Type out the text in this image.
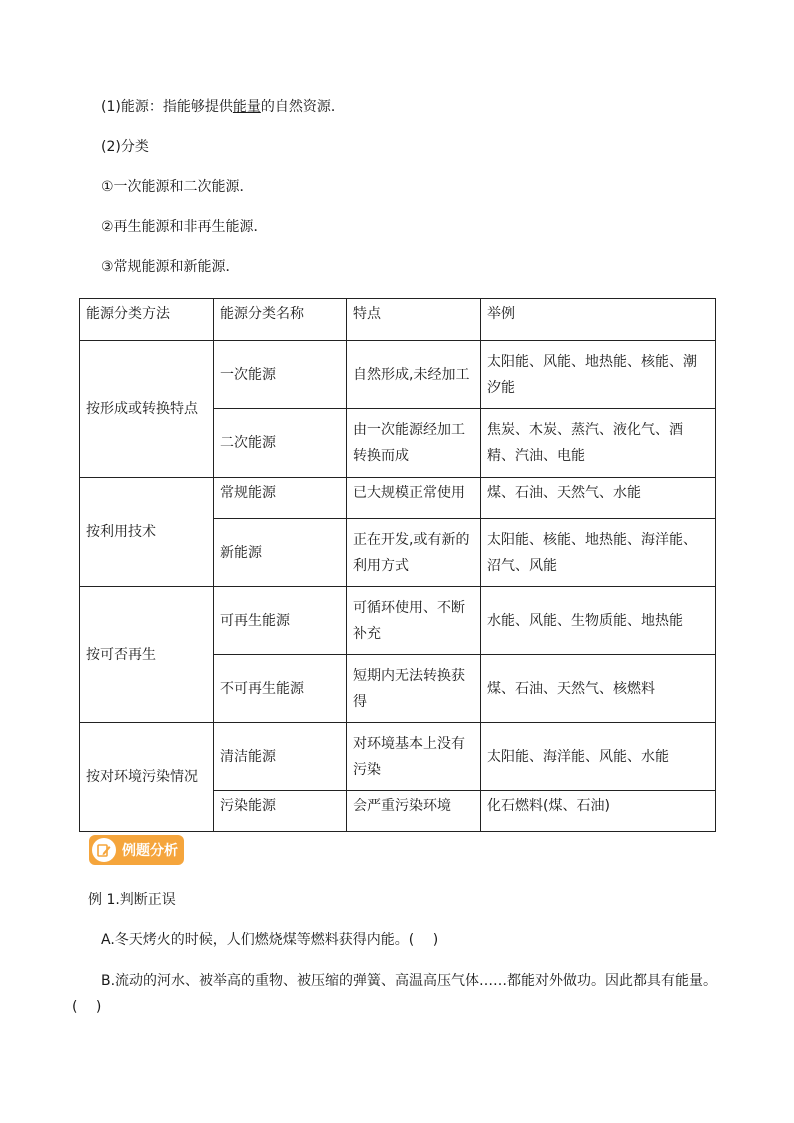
(1)能源：指能够提供能量的自然资源．
(2)分类
①一次能源和二次能源．
②再生能源和非再生能源．
③常规能源和新能源．
能源分类方法	能源分类名称	特点	举例
按形成或转换特点	一次能源	自然形成,未经加工	太阳能、风能、地热能、核能、潮汐能
	二次能源	由一次能源经加工转换而成	焦炭、木炭、蒸汽、液化气、酒精、汽油、电能
按利用技术	常规能源	已大规模正常使用	煤、石油、天然气、水能
	新能源	正在开发,或有新的利用方式	太阳能、核能、地热能、海洋能、沼气、风能
按可否再生	可再生能源	可循环使用、不断补充	水能、风能、生物质能、地热能
	不可再生能源	短期内无法转换获得	煤、石油、天然气、核燃料
按对环境污染情况	清洁能源	对环境基本上没有污染	太阳能、海洋能、风能、水能
	污染能源	会严重污染环境	化石燃料(煤、石油)
例题分析
例 1.判断正误
A.冬天烤火的时候，人们燃烧煤等燃料获得内能。(　 )
B.流动的河水、被举高的重物、被压缩的弹簧、高温高压气体……都能对外做功。因此都具有能量。
(　 )
